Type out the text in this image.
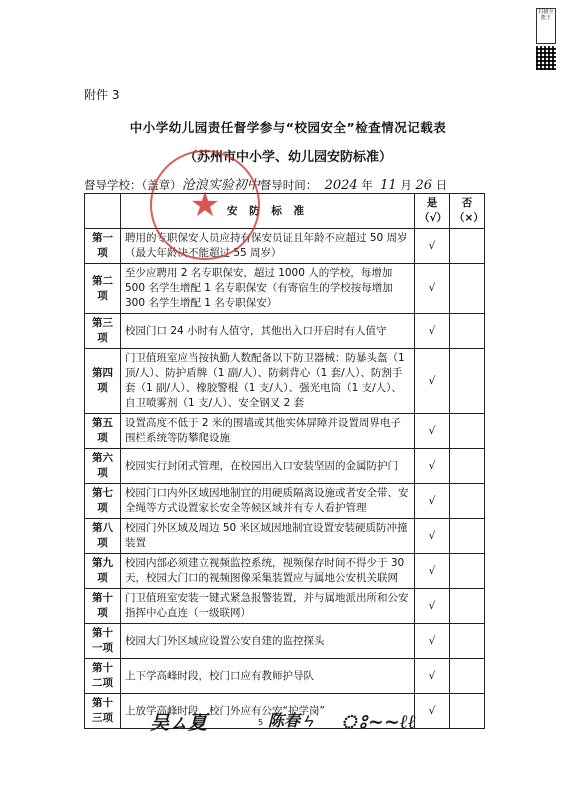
扫描全能王
附件 3
中小学幼儿园责任督学参与“校园安全”检查情况记载表
（苏州市中小学、幼儿园安防标准）
督导学校：（盖章）沧浪实验初中督导时间： 2024 年 11 月 26 日
	安 防 标 准	是（√）	否（×）
第一项	聘用的专职保安人员应持有保安员证且年龄不应超过 50 周岁（最大年龄决不能超过 55 周岁）	√	
第二项	至少应聘用 2 名专职保安，超过 1000 人的学校，每增加 500 名学生增配 1 名专职保安（有寄宿生的学校按每增加 300 名学生增配 1 名专职保安）	√	
第三项	校园门口 24 小时有人值守，其他出入口开启时有人值守	√	
第四项	门卫值班室应当按执勤人数配备以下防卫器械：防暴头盔（1 顶/人）、防护盾牌（1 副/人）、防刺背心（1 套/人）、防割手套（1 副/人）、橡胶警棍（1 支/人）、强光电筒（1 支/人）、自卫喷雾剂（1 支/人）、安全钢叉 2 套	√	
第五项	设置高度不低于 2 米的围墙或其他实体屏障并设置周界电子围栏系统等防攀爬设施	√	
第六项	校园实行封闭式管理，在校园出入口安装坚固的金属防护门	√	
第七项	校园门口内外区域因地制宜的用硬质隔离设施或者安全带、安全绳等方式设置家长安全等候区域并有专人看护管理	√	
第八项	校园门外区域及周边 50 米区域因地制宜设置安装硬质防冲撞装置	√	
第九项	校园内部必须建立视频监控系统，视频保存时间不得少于 30 天，校园大门口的视频图像采集装置应与属地公安机关联网	√	
第十项	门卫值班室安装一键式紧急报警装置，并与属地派出所和公安指挥中心直连（一级联网）	√	
第十一项	校园大门外区域应设置公安自建的监控探头	√	
第十二项	上下学高峰时段，校门口应有教师护导队	√	
第十三项	上放学高峰时段，校门外应有公安“护学岗”	√	
★
吴ㄙ夏	陈春ㄣ ঃ~~ℓℓ
5
